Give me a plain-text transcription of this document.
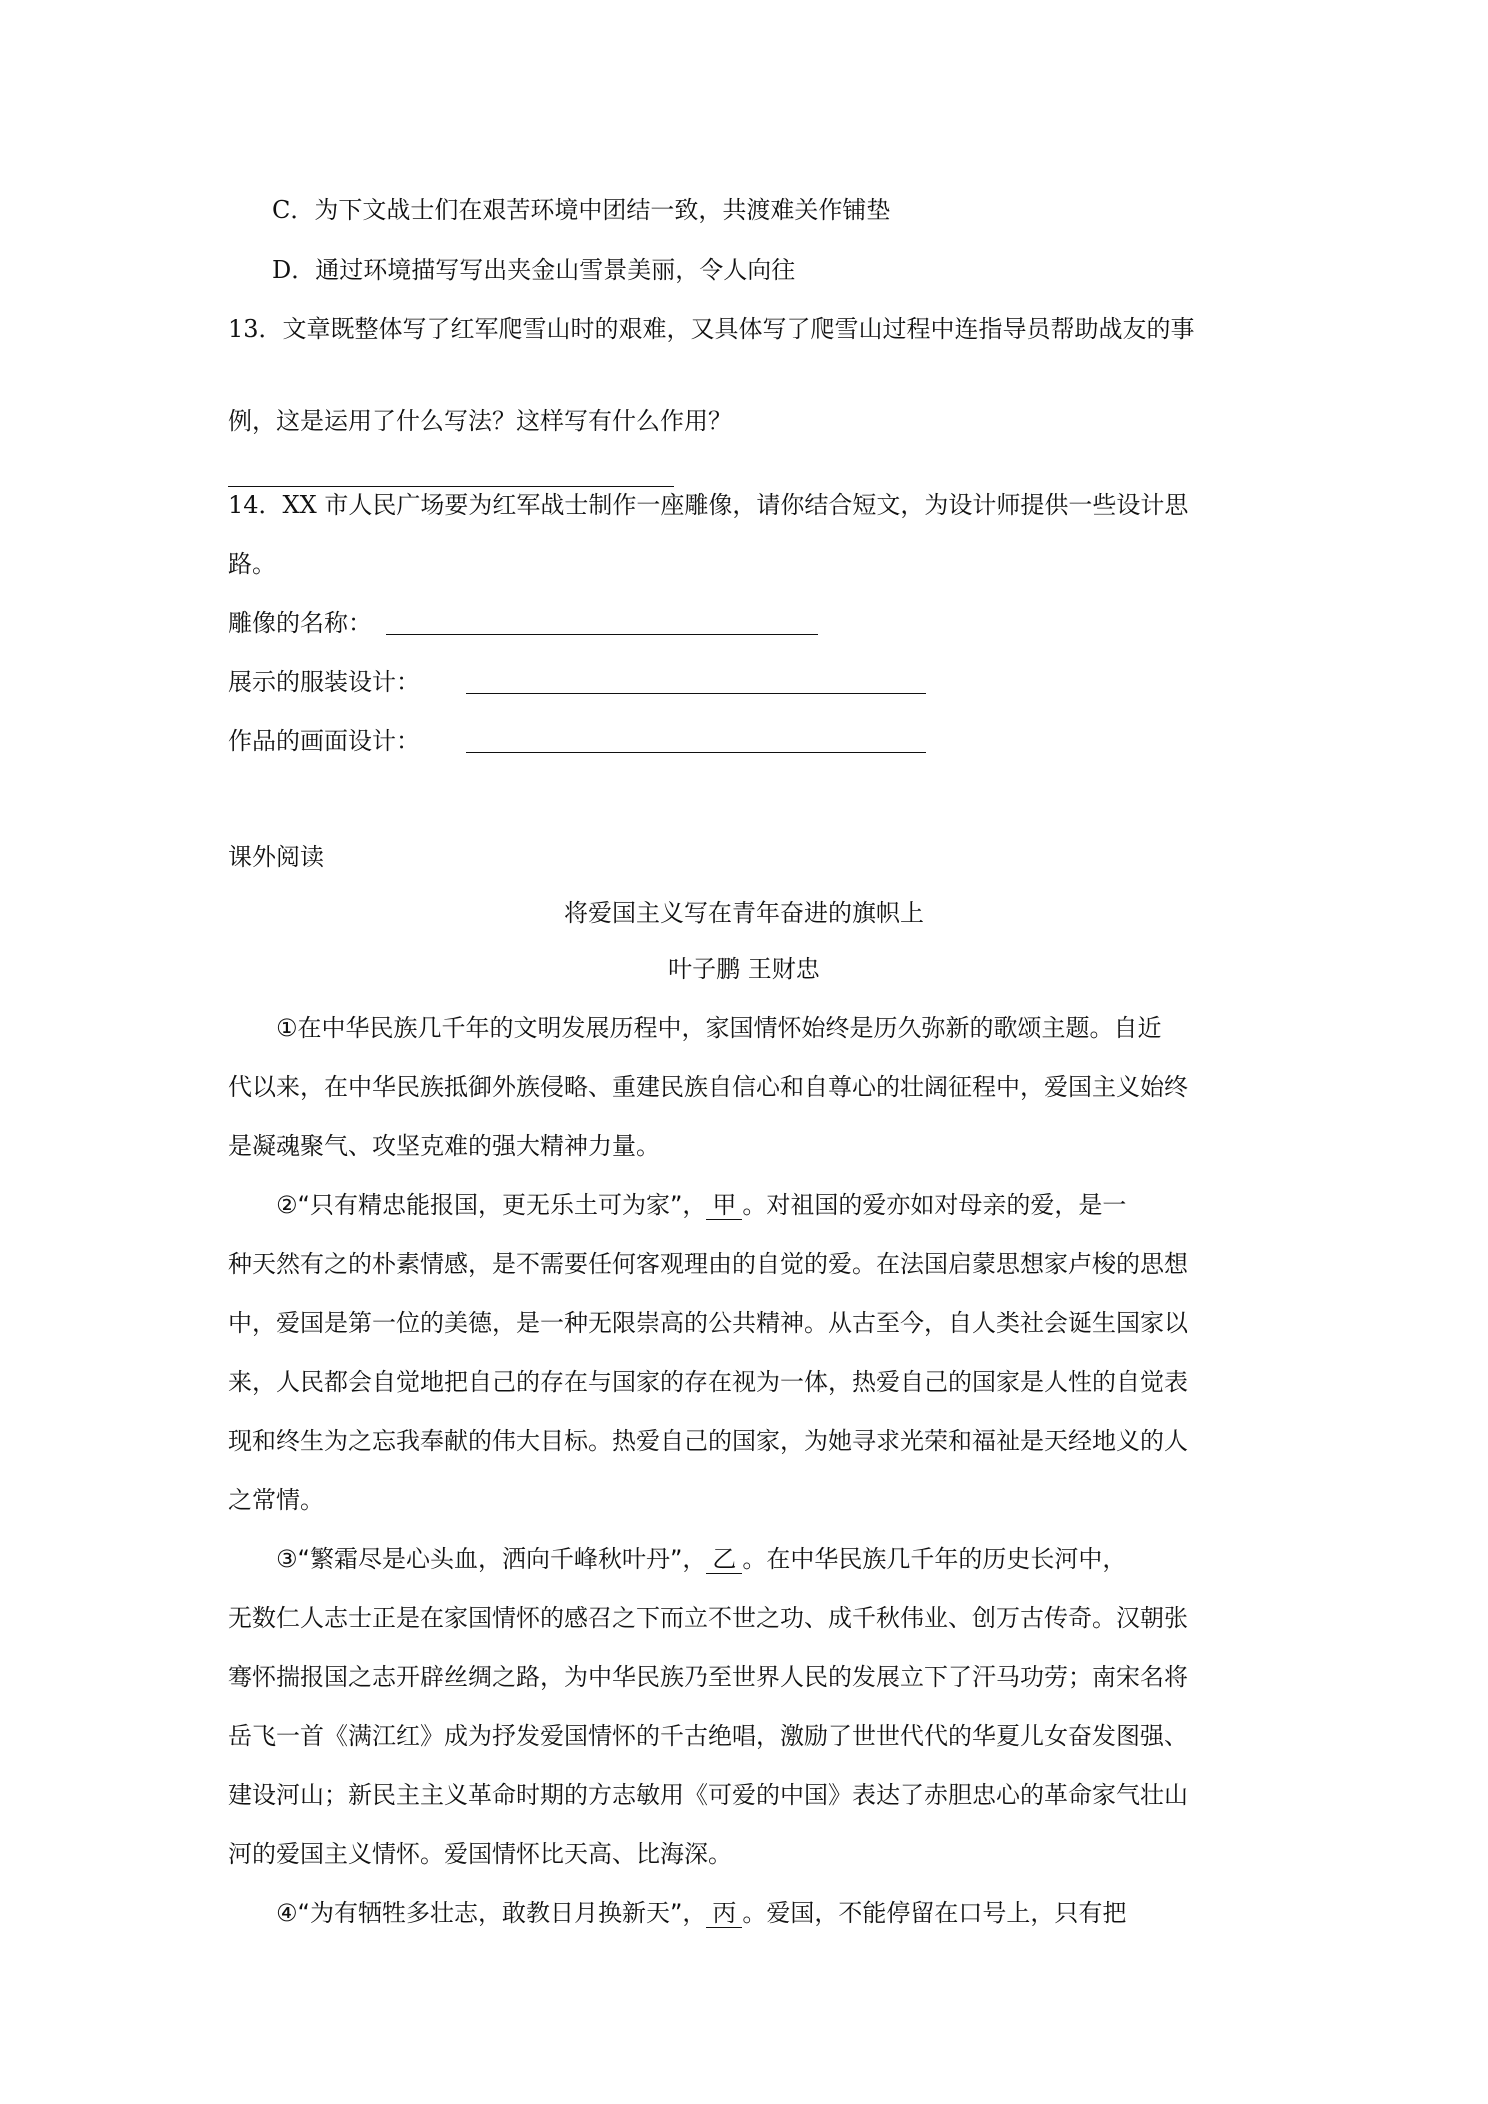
C．为下文战士们在艰苦环境中团结一致，共渡难关作铺垫
D．通过环境描写写出夹金山雪景美丽，令人向往
13．文章既整体写了红军爬雪山时的艰难，又具体写了爬雪山过程中连指导员帮助战友的事
例，这是运用了什么写法？这样写有什么作用？
14．XX 市人民广场要为红军战士制作一座雕像，请你结合短文，为设计师提供一些设计思
路。
雕像的名称：
展示的服装设计：
作品的画面设计：
课外阅读
将爱国主义写在青年奋进的旗帜上
叶子鹏 王财忠
①在中华民族几千年的文明发展历程中，家国情怀始终是历久弥新的歌颂主题。自近
代以来，在中华民族抵御外族侵略、重建民族自信心和自尊心的壮阔征程中，爱国主义始终
是凝魂聚气、攻坚克难的强大精神力量。
②“只有精忠能报国，更无乐土可为家”， 甲 。对祖国的爱亦如对母亲的爱，是一
种天然有之的朴素情感，是不需要任何客观理由的自觉的爱。在法国启蒙思想家卢梭的思想
中，爱国是第一位的美德，是一种无限崇高的公共精神。从古至今，自人类社会诞生国家以
来，人民都会自觉地把自己的存在与国家的存在视为一体，热爱自己的国家是人性的自觉表
现和终生为之忘我奉献的伟大目标。热爱自己的国家，为她寻求光荣和福祉是天经地义的人
之常情。
③“繁霜尽是心头血，洒向千峰秋叶丹”， 乙 。在中华民族几千年的历史长河中，
无数仁人志士正是在家国情怀的感召之下而立不世之功、成千秋伟业、创万古传奇。汉朝张
骞怀揣报国之志开辟丝绸之路，为中华民族乃至世界人民的发展立下了汗马功劳；南宋名将
岳飞一首《满江红》成为抒发爱国情怀的千古绝唱，激励了世世代代的华夏儿女奋发图强、
建设河山；新民主主义革命时期的方志敏用《可爱的中国》表达了赤胆忠心的革命家气壮山
河的爱国主义情怀。爱国情怀比天高、比海深。
④“为有牺牲多壮志，敢教日月换新天”， 丙 。爱国，不能停留在口号上，只有把
